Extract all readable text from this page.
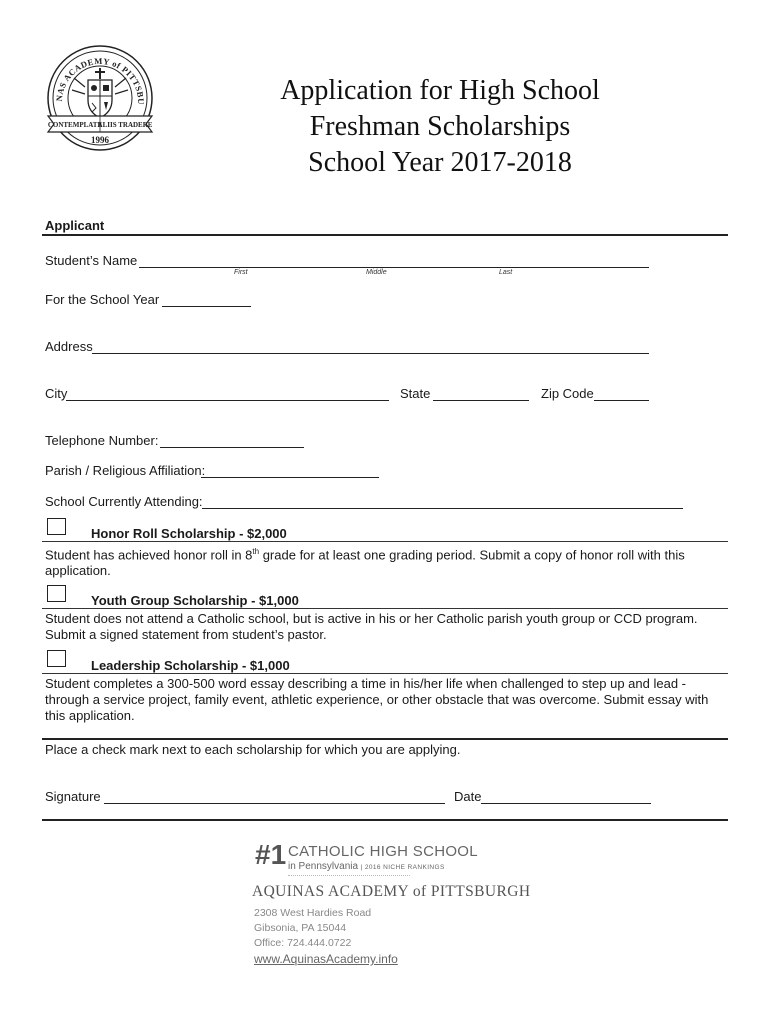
NAS ACADEMY of PITTSBU
CONTEMPLATE
ALIIS TRADERE
1996
Application for High School
Freshman Scholarships
School Year 2017-2018
Applicant
Student’s Name
First	Middle	Last
For the School Year
Address
City	State	Zip Code
Telephone Number:
Parish / Religious Affiliation:
School Currently Attending:
Honor Roll Scholarship - $2,000
Student has achieved honor roll in 8th grade for at least one grading period. Submit a copy of honor roll with this application.
Youth Group Scholarship - $1,000
Student does not attend a Catholic school, but is active in his or her Catholic parish youth group or CCD program. Submit a signed statement from student’s pastor.
Leadership Scholarship - $1,000
Student completes a 300-500 word essay describing a time in his/her life when challenged to step up and lead - through a service project, family event, athletic experience, or other obstacle that was overcome. Submit essay with this application.
Place a check mark next to each scholarship for which you are applying.
Signature	Date
#1 CATHOLIC HIGH SCHOOL
in Pennsylvania | 2016 NICHE RANKINGS
AQUINAS ACADEMY of PITTSBURGH
2308 West Hardies Road
Gibsonia, PA 15044
Office: 724.444.0722
www.AquinasAcademy.info
